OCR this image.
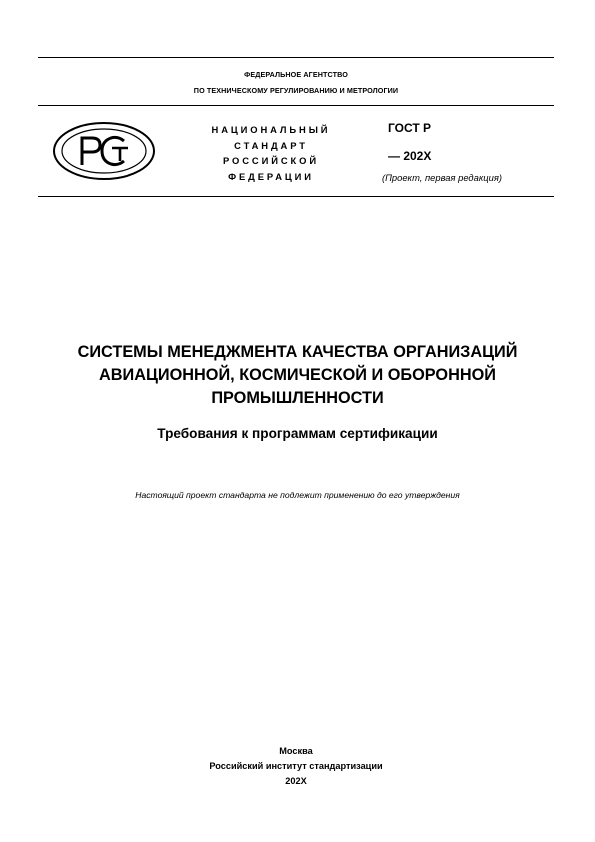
ФЕДЕРАЛЬНОЕ АГЕНТСТВО
ПО ТЕХНИЧЕСКОМУ РЕГУЛИРОВАНИЮ И МЕТРОЛОГИИ
НАЦИОНАЛЬНЫЙ
СТАНДАРТ
РОССИЙСКОЙ
ФЕДЕРАЦИИ
ГОСТ Р
— 202X
(Проект, первая редакция)
СИСТЕМЫ МЕНЕДЖМЕНТА КАЧЕСТВА ОРГАНИЗАЦИЙ
АВИАЦИОННОЙ, КОСМИЧЕСКОЙ И ОБОРОННОЙ
ПРОМЫШЛЕННОСТИ
Требования к программам сертификации
Настоящий проект стандарта не подлежит применению до его утверждения
Москва
Российский институт стандартизации
202X
